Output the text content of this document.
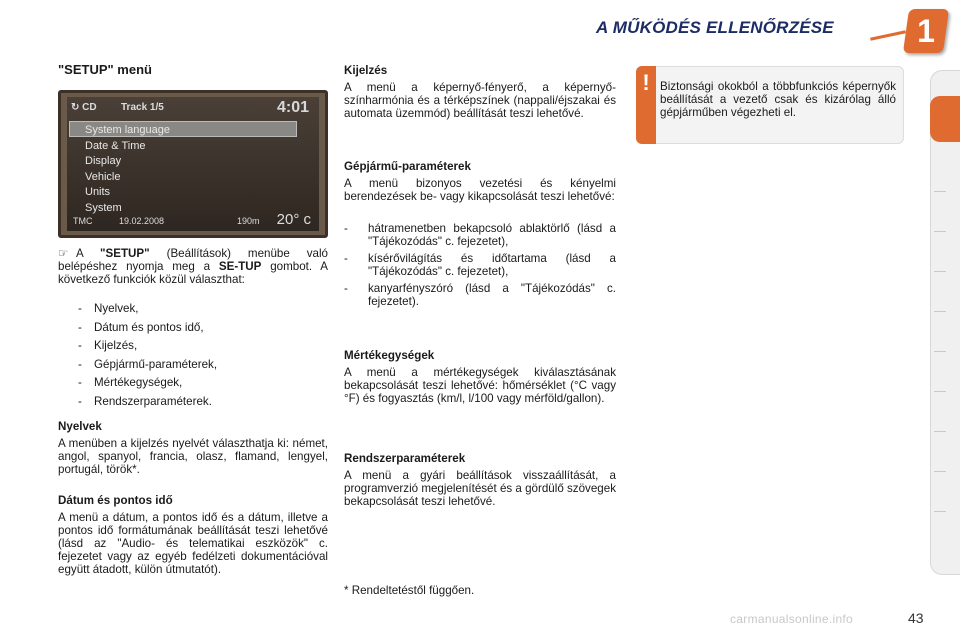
A MŰKÖDÉS ELLENŐRZÉSE	1
"SETUP" menü
↻ CD Track 1/5	4:01
System language
Date & Time
Display
Vehicle
Units
System
TMC	19.02.2008	190m 20° c
☞ A "SETUP" (Beállítások) menübe való belépéshez nyomja meg a SE-TUP gombot. A következő funkciók közül választhat:
- Nyelvek,
- Dátum és pontos idő,
- Kijelzés,
- Gépjármű-paraméterek,
- Mértékegységek,
- Rendszerparaméterek.
Nyelvek
A menüben a kijelzés nyelvét választhatja ki: német, angol, spanyol, francia, olasz, flamand, lengyel, portugál, török*.
Dátum és pontos idő
A menü a dátum, a pontos idő és a dátum, illetve a pontos idő formátumának beállítását teszi lehetővé (lásd az "Audio- és telematikai eszközök" c. fejezetet vagy az egyéb fedélzeti dokumentációval együtt átadott, külön útmutatót).
Kijelzés
A menü a képernyő-fényerő, a képernyő-színharmónia és a térképszínek (nappali/éjszakai és automata üzemmód) beállítását teszi lehetővé.
Gépjármű-paraméterek
A menü bizonyos vezetési és kényelmi berendezések be- vagy kikapcsolását teszi lehetővé:
- hátramenetben bekapcsoló ablaktörlő (lásd a "Tájékozódás" c. fejezetet),
- kísérővilágítás és időtartama (lásd a "Tájékozódás" c. fejezetet),
- kanyarfényszóró (lásd a "Tájékozódás" c. fejezetet).
Mértékegységek
A menü a mértékegységek kiválasztásának bekapcsolását teszi lehetővé: hőmérséklet (°C vagy °F) és fogyasztás (km/l, l/100 vagy mérföld/gallon).
Rendszerparaméterek
A menü a gyári beállítások visszaállítását, a programverzió megjelenítését és a gördülő szövegek bekapcsolását teszi lehetővé.
* Rendeltetéstől függően.
! Biztonsági okokból a többfunkciós képernyők beállítását a vezető csak és kizárólag álló gépjárműben végezheti el.
carmanualsonline.info	43
